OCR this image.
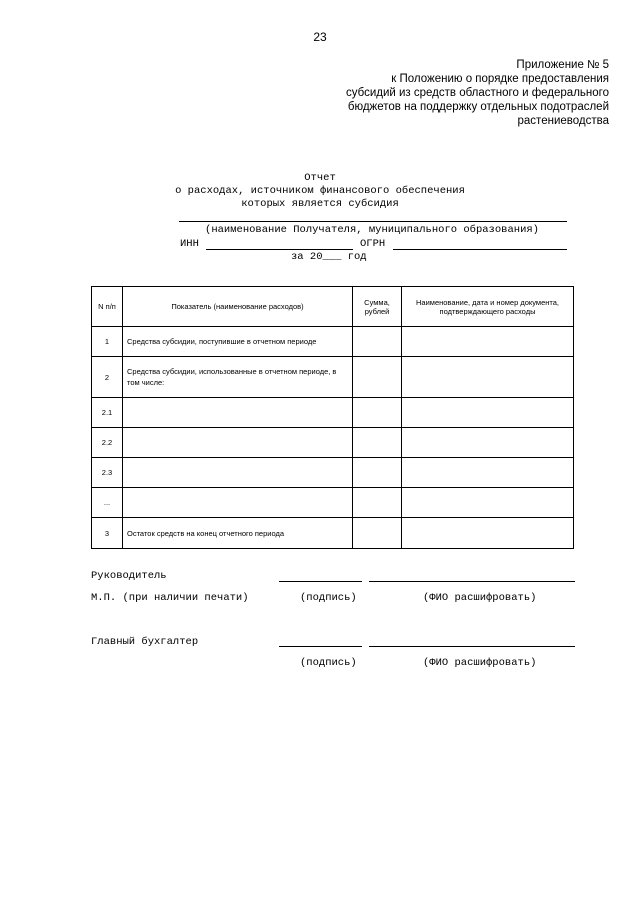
23
Приложение № 5
к Положению о порядке предоставления
субсидий из средств областного и федерального
бюджетов на поддержку отдельных подотраслей
растениеводства
Отчет
о расходах, источником финансового обеспечения
которых является субсидия
(наименование Получателя, муниципального образования)
ИНН	ОГРН
за 20___ год
N п/п	Показатель (наименование расходов)	Сумма, рублей	Наименование, дата и номер документа, подтверждающего расходы
1	Средства субсидии, поступившие в отчетном периоде		
2	Средства субсидии, использованные в отчетном периоде, в том числе:		
2.1			
2.2			
2.3			
...			
3	Остаток средств на конец отчетного периода		
Руководитель
М.П. (при наличии печати)	(подпись)	(ФИО расшифровать)
Главный бухгалтер
(подпись)	(ФИО расшифровать)
